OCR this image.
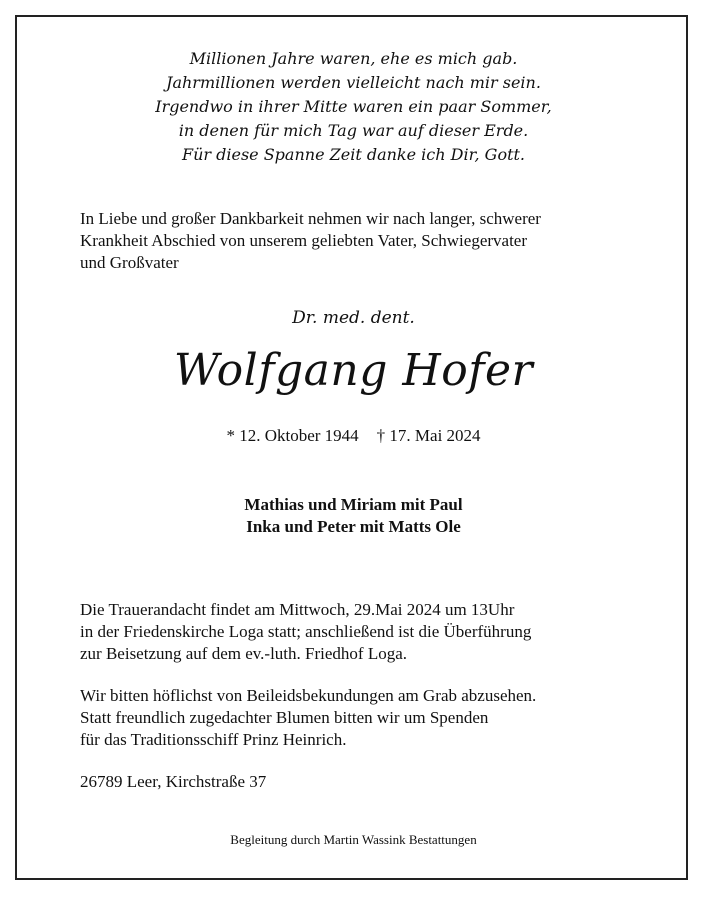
Millionen Jahre waren, ehe es mich gab.
Jahrmillionen werden vielleicht nach mir sein.
Irgendwo in ihrer Mitte waren ein paar Sommer,
in denen für mich Tag war auf dieser Erde.
Für diese Spanne Zeit danke ich Dir, Gott.
In Liebe und großer Dankbarkeit nehmen wir nach langer, schwerer
Krankheit Abschied von unserem geliebten Vater, Schwiegervater
und Großvater
Dr. med. dent.
Wolfgang Hofer
* 12. Oktober 1944 † 17. Mai 2024
Mathias und Miriam mit Paul
Inka und Peter mit Matts Ole
Die Trauerandacht findet am Mittwoch, 29.Mai 2024 um 13Uhr
in der Friedenskirche Loga statt; anschließend ist die Überführung
zur Beisetzung auf dem ev.-luth. Friedhof Loga.
Wir bitten höflichst von Beileidsbekundungen am Grab abzusehen.
Statt freundlich zugedachter Blumen bitten wir um Spenden
für das Traditionsschiff Prinz Heinrich.
26789 Leer, Kirchstraße 37
Begleitung durch Martin Wassink Bestattungen
